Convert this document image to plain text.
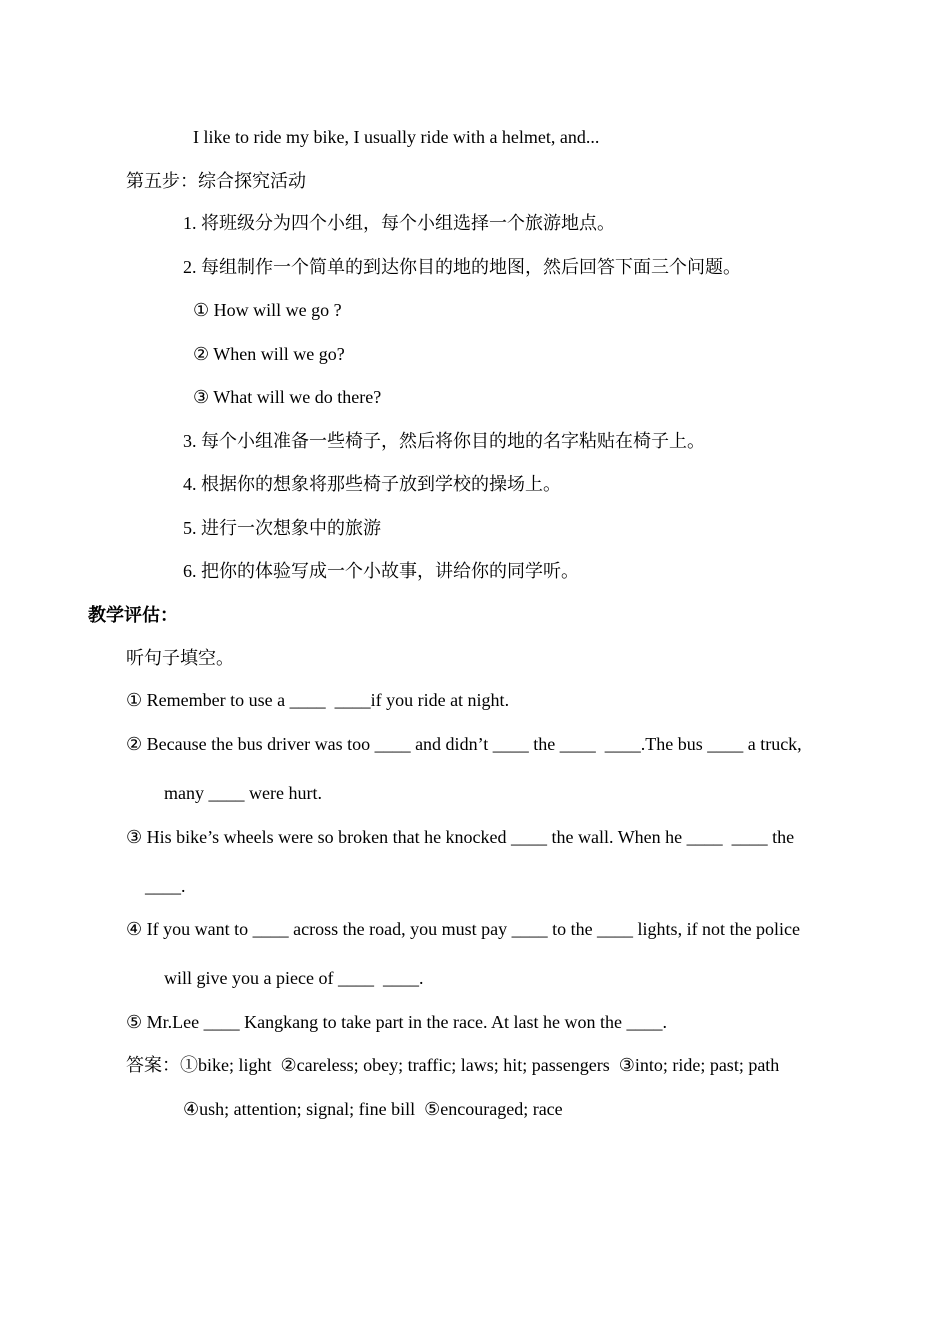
I like to ride my bike, I usually ride with a helmet, and...
第五步：综合探究活动
1. 将班级分为四个小组，每个小组选择一个旅游地点。
2. 每组制作一个简单的到达你目的地的地图，然后回答下面三个问题。
① How will we go ?
② When will we go?
③ What will we do there?
3. 每个小组准备一些椅子，然后将你目的地的名字粘贴在椅子上。
4. 根据你的想象将那些椅子放到学校的操场上。
5. 进行一次想象中的旅游
6. 把你的体验写成一个小故事，讲给你的同学听。
教学评估：
听句子填空。
① Remember to use a ____  ____if you ride at night.
② Because the bus driver was too ____ and didn’t ____ the ____  ____.The bus ____ a truck,
many ____ were hurt.
③ His bike’s wheels were so broken that he knocked ____ the wall. When he ____  ____ the
____.
④ If you want to ____ across the road, you must pay ____ to the ____ lights, if not the police
will give you a piece of ____  ____.
⑤ Mr.Lee ____ Kangkang to take part in the race. At last he won the ____.
答案：①bike; light  ②careless; obey; traffic; laws; hit; passengers  ③into; ride; past; path
④ush; attention; signal; fine bill  ⑤encouraged; race
